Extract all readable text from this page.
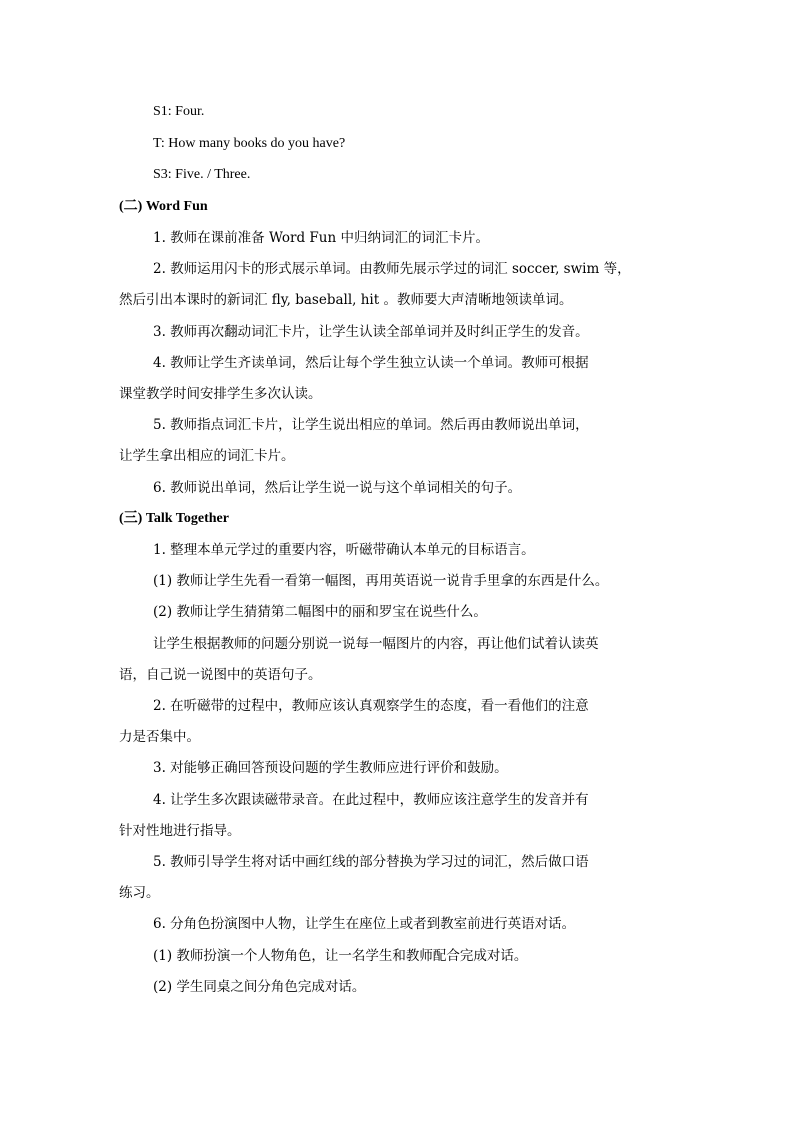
S1: Four.
T: How many books do you have?
S3: Five. / Three.
(二) Word Fun
1. 教师在课前准备 Word Fun 中归纳词汇的词汇卡片。
2. 教师运用闪卡的形式展示单词。由教师先展示学过的词汇 soccer, swim 等，
然后引出本课时的新词汇 fly, baseball, hit 。教师要大声清晰地领读单词。
3. 教师再次翻动词汇卡片，让学生认读全部单词并及时纠正学生的发音。
4. 教师让学生齐读单词，然后让每个学生独立认读一个单词。教师可根据
课堂教学时间安排学生多次认读。
5. 教师指点词汇卡片，让学生说出相应的单词。然后再由教师说出单词，
让学生拿出相应的词汇卡片。
6. 教师说出单词，然后让学生说一说与这个单词相关的句子。
(三) Talk Together
1. 整理本单元学过的重要内容，听磁带确认本单元的目标语言。
(1) 教师让学生先看一看第一幅图，再用英语说一说肯手里拿的东西是什么。
(2) 教师让学生猜猜第二幅图中的丽和罗宝在说些什么。
让学生根据教师的问题分别说一说每一幅图片的内容，再让他们试着认读英
语，自己说一说图中的英语句子。
2. 在听磁带的过程中，教师应该认真观察学生的态度，看一看他们的注意
力是否集中。
3. 对能够正确回答预设问题的学生教师应进行评价和鼓励。
4. 让学生多次跟读磁带录音。在此过程中，教师应该注意学生的发音并有
针对性地进行指导。
5. 教师引导学生将对话中画红线的部分替换为学习过的词汇，然后做口语
练习。
6. 分角色扮演图中人物，让学生在座位上或者到教室前进行英语对话。
(1) 教师扮演一个人物角色，让一名学生和教师配合完成对话。
(2) 学生同桌之间分角色完成对话。
